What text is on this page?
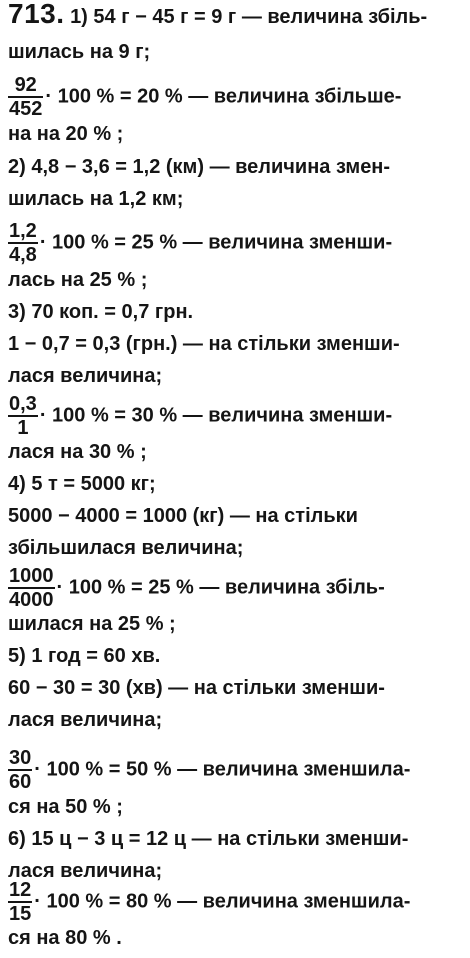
713. 1) 54 г − 45 г = 9 г — величина збіль-
шилась на 9 г;
$\frac{92}{452} \cdot 100$ % = 20 % — величина збільше-
на на 20 % ;
2) 4,8 − 3,6 = 1,2 (км) — величина змен-
шилась на 1,2 км;
$\frac{1,2}{4,8} \cdot 100$ % = 25 % — величина зменши-
лась на 25 % ;
3) 70 коп. = 0,7 грн.
1 − 0,7 = 0,3 (грн.) — на стільки зменши-
лася величина;
$\frac{0,3}{1} \cdot 100$ % = 30 % — величина зменши-
лася на 30 % ;
4) 5 т = 5000 кг;
5000 − 4000 = 1000 (кг) — на стільки
збільшилася величина;
$\frac{1000}{4000} \cdot 100$ % = 25 % — величина збіль-
шилася на 25 % ;
5) 1 год = 60 хв.
60 − 30 = 30 (хв) — на стільки зменши-
лася величина;
$\frac{30}{60} \cdot 100$ % = 50 % — величина зменшила-
ся на 50 % ;
6) 15 ц − 3 ц = 12 ц — на стільки зменши-
лася величина;
$\frac{12}{15} \cdot 100$ % = 80 % — величина зменшила-
ся на 80 % .
